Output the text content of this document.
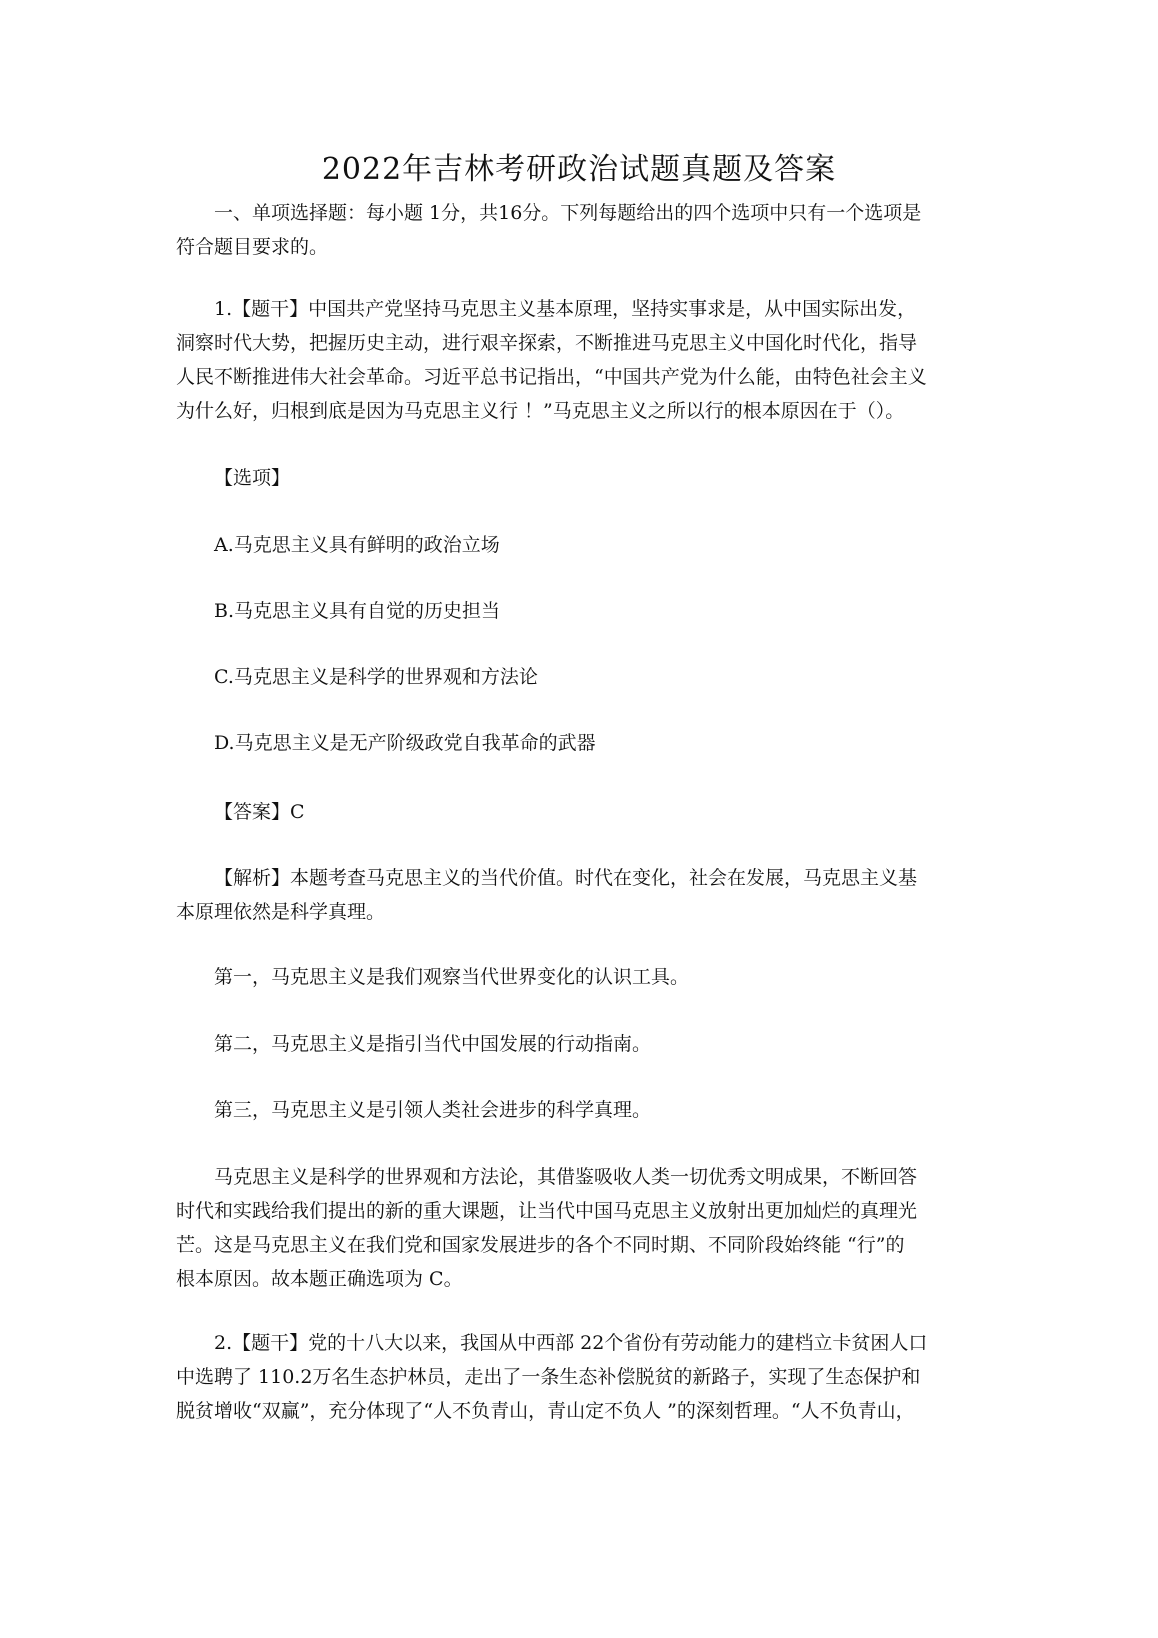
2022年吉林考研政治试题真题及答案

一、单项选择题：每小题 1分，共16分。下列每题给出的四个选项中只有一个选项是
符合题目要求的。

1.【题干】中国共产党坚持马克思主义基本原理，坚持实事求是，从中国实际出发，
洞察时代大势，把握历史主动，进行艰辛探索，不断推进马克思主义中国化时代化，指导
人民不断推进伟大社会革命。习近平总书记指出，“中国共产党为什么能，由特色社会主义
为什么好，归根到底是因为马克思主义行 ！”马克思主义之所以行的根本原因在于（）。

【选项】

A.马克思主义具有鲜明的政治立场

B.马克思主义具有自觉的历史担当

C.马克思主义是科学的世界观和方法论

D.马克思主义是无产阶级政党自我革命的武器

【答案】C

【解析】本题考查马克思主义的当代价值。时代在变化，社会在发展，马克思主义基
本原理依然是科学真理。

第一，马克思主义是我们观察当代世界变化的认识工具。

第二，马克思主义是指引当代中国发展的行动指南。

第三，马克思主义是引领人类社会进步的科学真理。

马克思主义是科学的世界观和方法论，其借鉴吸收人类一切优秀文明成果，不断回答
时代和实践给我们提出的新的重大课题，让当代中国马克思主义放射出更加灿烂的真理光
芒。这是马克思主义在我们党和国家发展进步的各个不同时期、不同阶段始终能 “行”的
根本原因。故本题正确选项为 C。

2.【题干】党的十八大以来，我国从中西部 22个省份有劳动能力的建档立卡贫困人口
中选聘了 110.2万名生态护林员，走出了一条生态补偿脱贫的新路子，实现了生态保护和
脱贫增收“双赢”，充分体现了“人不负青山，青山定不负人 ”的深刻哲理。“人不负青山，
